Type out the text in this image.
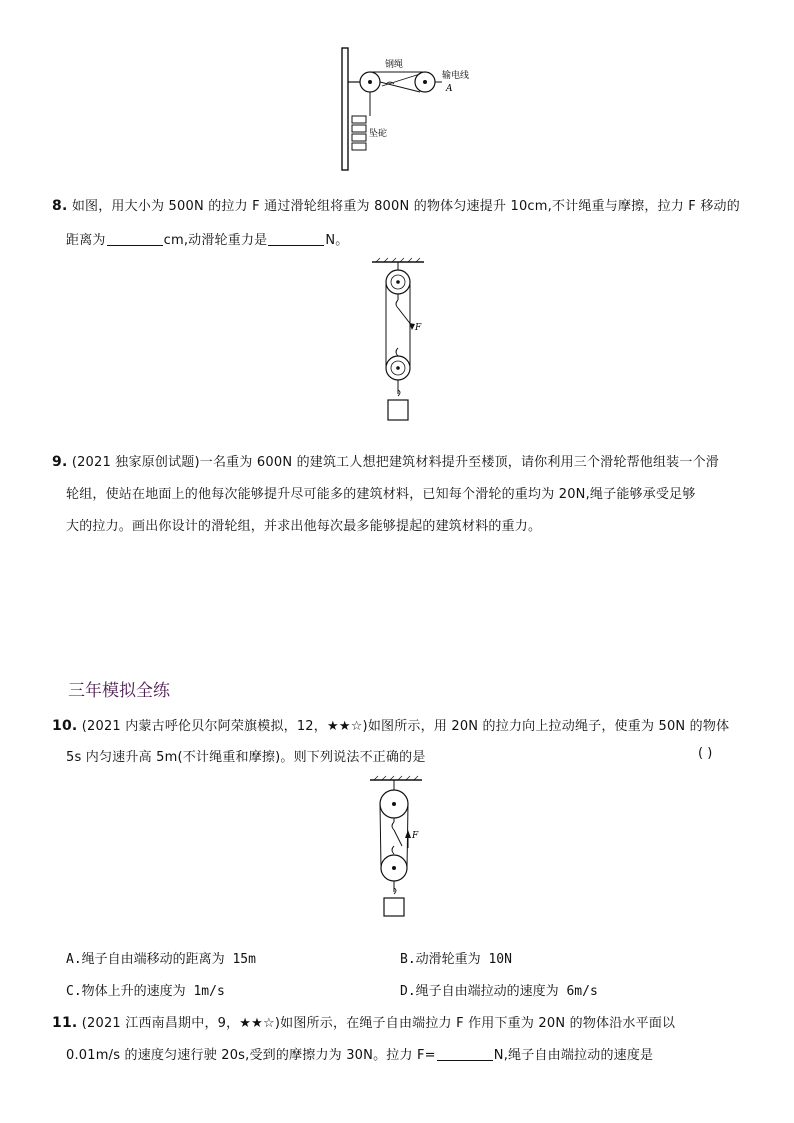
钢绳
输电线
A
坠砣
8. 如图，用大小为 500N 的拉力 F 通过滑轮组将重为 800N 的物体匀速提升 10cm,不计绳重与摩擦，拉力 F 移动的
距离为	cm,动滑轮重力是	N。
F
9. (2021 独家原创试题)一名重为 600N 的建筑工人想把建筑材料提升至楼顶，请你利用三个滑轮帮他组装一个滑
轮组，使站在地面上的他每次能够提升尽可能多的建筑材料，已知每个滑轮的重均为 20N,绳子能够承受足够
大的拉力。画出你设计的滑轮组，并求出他每次最多能够提起的建筑材料的重力。
三年模拟全练
10. (2021 内蒙古呼伦贝尔阿荣旗模拟，12，★★☆)如图所示，用 20N 的拉力向上拉动绳子，使重为 50N 的物体
5s 内匀速升高 5m(不计绳重和摩擦)。则下列说法不正确的是	( )
F
A.绳子自由端移动的距离为 15m	B.动滑轮重为 10N
C.物体上升的速度为 1m/s	D.绳子自由端拉动的速度为 6m/s
11. (2021 江西南昌期中，9，★★☆)如图所示，在绳子自由端拉力 F 作用下重为 20N 的物体沿水平面以
0.01m/s 的速度匀速行驶 20s,受到的摩擦力为 30N。拉力 F=	N,绳子自由端拉动的速度是
